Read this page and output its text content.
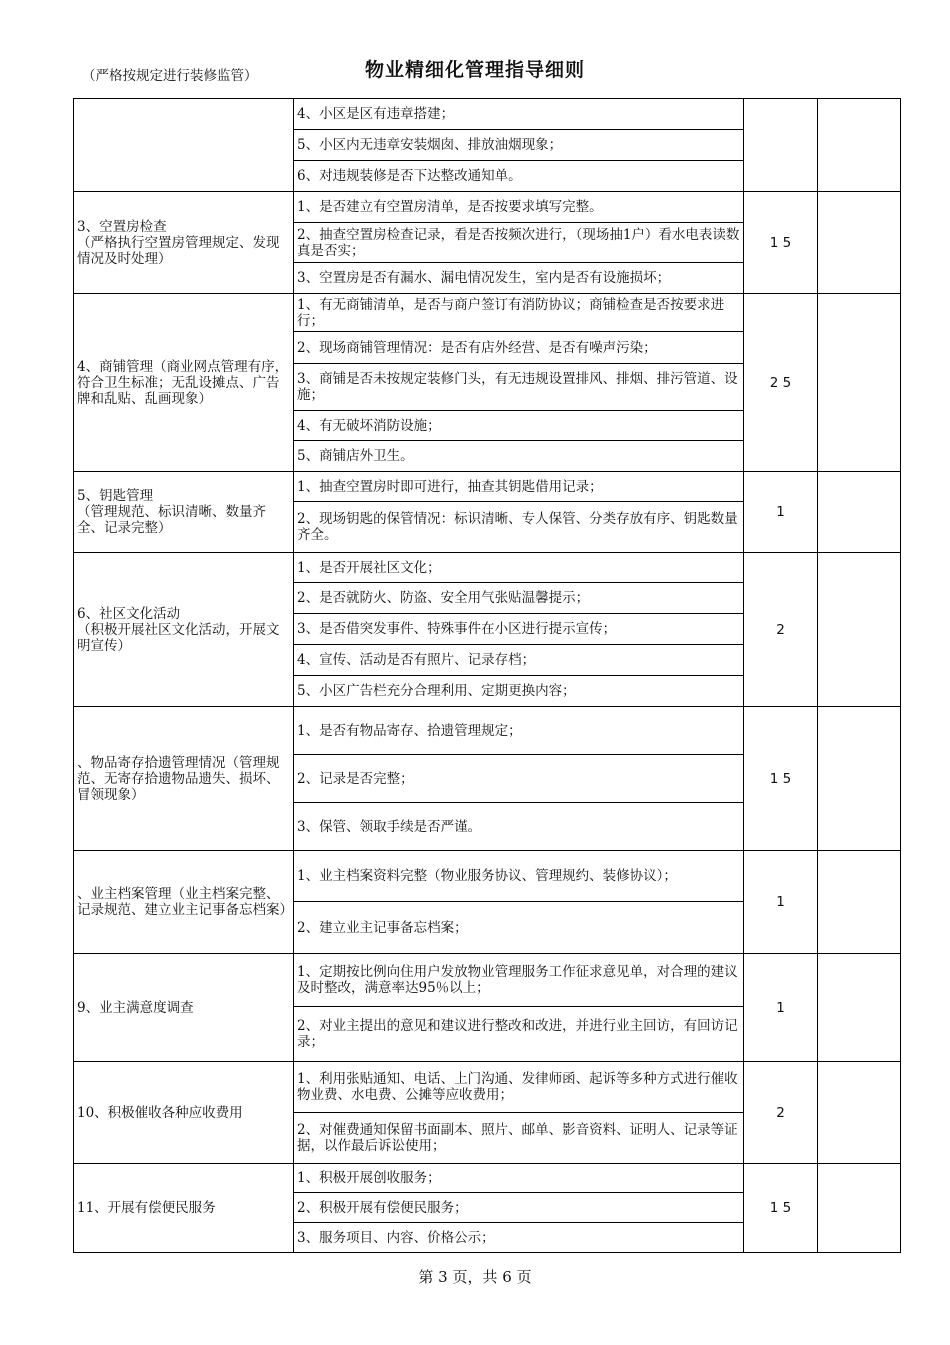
（严格按规定进行装修监管）	物业精细化管理指导细则
	4、小区是区有违章搭建；		
	5、小区内无违章安装烟囱、排放油烟现象；		
	6、对违规装修是否下达整改通知单。		
3、空置房检查
（严格执行空置房管理规定、发现情况及时处理）	1、是否建立有空置房清单，是否按要求填写完整。	1 5	
	2、抽查空置房检查记录，看是否按频次进行，（现场抽1户）看水电表读数真是否实；		
	3、空置房是否有漏水、漏电情况发生，室内是否有设施损坏；		
4、商铺管理（商业网点管理有序，符合卫生标准；无乱设摊点、广告牌和乱贴、乱画现象）	1、有无商铺清单，是否与商户签订有消防协议；商铺检查是否按要求进行；	2 5	
	2、现场商铺管理情况：是否有店外经营、是否有噪声污染；		
	3、商铺是否未按规定装修门头，有无违规设置排风、排烟、排污管道、设施；		
	4、有无破坏消防设施；		
	5、商铺店外卫生。		
5、钥匙管理
（管理规范、标识清晰、数量齐全、记录完整）	1、抽查空置房时即可进行，抽查其钥匙借用记录；	1	
	2、现场钥匙的保管情况：标识清晰、专人保管、分类存放有序、钥匙数量齐全。		
6、社区文化活动
（积极开展社区文化活动，开展文明宣传）	1、是否开展社区文化；	2	
	2、是否就防火、防盗、安全用气张贴温馨提示；		
	3、是否借突发事件、特殊事件在小区进行提示宣传；		
	4、宣传、活动是否有照片、记录存档；		
	5、小区广告栏充分合理利用、定期更换内容；		
、物品寄存拾遗管理情况（管理规范、无寄存拾遗物品遗失、损坏、冒领现象）	1、是否有物品寄存、拾遗管理规定；	1 5	
	2、记录是否完整；		
	3、保管、领取手续是否严谨。		
、业主档案管理（业主档案完整、记录规范、建立业主记事备忘档案）	1、业主档案资料完整（物业服务协议、管理规约、装修协议）；	1	
	2、建立业主记事备忘档案；		
9、业主满意度调查	1、定期按比例向住用户发放物业管理服务工作征求意见单，对合理的建议及时整改，满意率达95％以上；	1	
	2、对业主提出的意见和建议进行整改和改进，并进行业主回访，有回访记录；		
10、积极催收各种应收费用	1、利用张贴通知、电话、上门沟通、发律师函、起诉等多种方式进行催收物业费、水电费、公摊等应收费用；	2	
	2、对催费通知保留书面副本、照片、邮单、影音资料、证明人、记录等证据，以作最后诉讼使用；		
11、开展有偿便民服务	1、积极开展创收服务；	1 5	
	2、积极开展有偿便民服务；		
	3、服务项目、内容、价格公示；		
第 3 页，共 6 页
